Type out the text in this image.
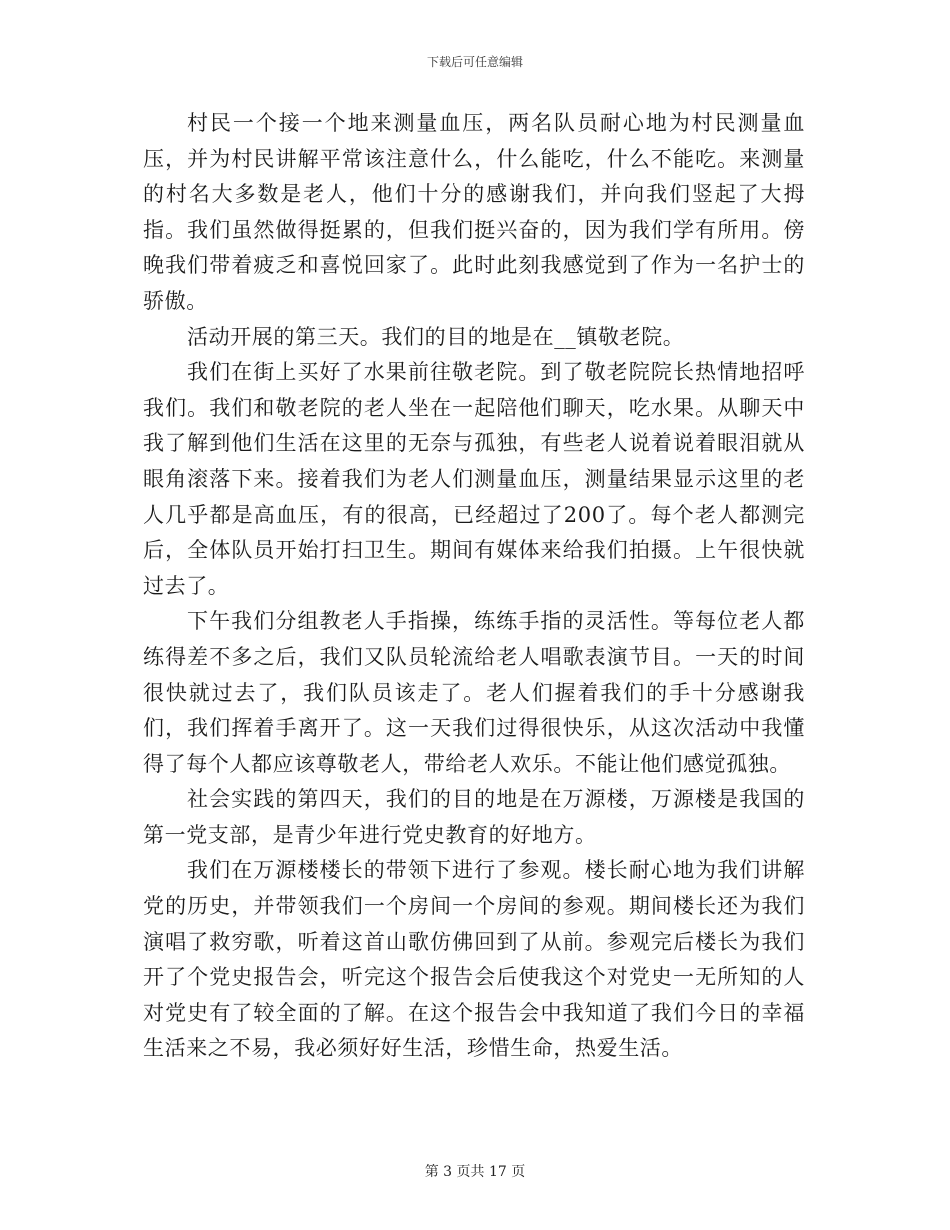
下载后可任意编辑

村民一个接一个地来测量血压，两名队员耐心地为村民测量血压，并为村民讲解平常该注意什么，什么能吃，什么不能吃。来测量的村名大多数是老人，他们十分的感谢我们，并向我们竖起了大拇指。我们虽然做得挺累的，但我们挺兴奋的，因为我们学有所用。傍晚我们带着疲乏和喜悦回家了。此时此刻我感觉到了作为一名护士的骄傲。

活动开展的第三天。我们的目的地是在__镇敬老院。

我们在街上买好了水果前往敬老院。到了敬老院院长热情地招呼我们。我们和敬老院的老人坐在一起陪他们聊天，吃水果。从聊天中我了解到他们生活在这里的无奈与孤独，有些老人说着说着眼泪就从眼角滚落下来。接着我们为老人们测量血压，测量结果显示这里的老人几乎都是高血压，有的很高，已经超过了200了。每个老人都测完后，全体队员开始打扫卫生。期间有媒体来给我们拍摄。上午很快就过去了。

下午我们分组教老人手指操，练练手指的灵活性。等每位老人都练得差不多之后，我们又队员轮流给老人唱歌表演节目。一天的时间很快就过去了，我们队员该走了。老人们握着我们的手十分感谢我们，我们挥着手离开了。这一天我们过得很快乐，从这次活动中我懂得了每个人都应该尊敬老人，带给老人欢乐。不能让他们感觉孤独。

社会实践的第四天，我们的目的地是在万源楼，万源楼是我国的第一党支部，是青少年进行党史教育的好地方。

我们在万源楼楼长的带领下进行了参观。楼长耐心地为我们讲解党的历史，并带领我们一个房间一个房间的参观。期间楼长还为我们演唱了救穷歌，听着这首山歌仿佛回到了从前。参观完后楼长为我们开了个党史报告会，听完这个报告会后使我这个对党史一无所知的人对党史有了较全面的了解。在这个报告会中我知道了我们今日的幸福生活来之不易，我必须好好生活，珍惜生命，热爱生活。

第 3 页共 17 页
